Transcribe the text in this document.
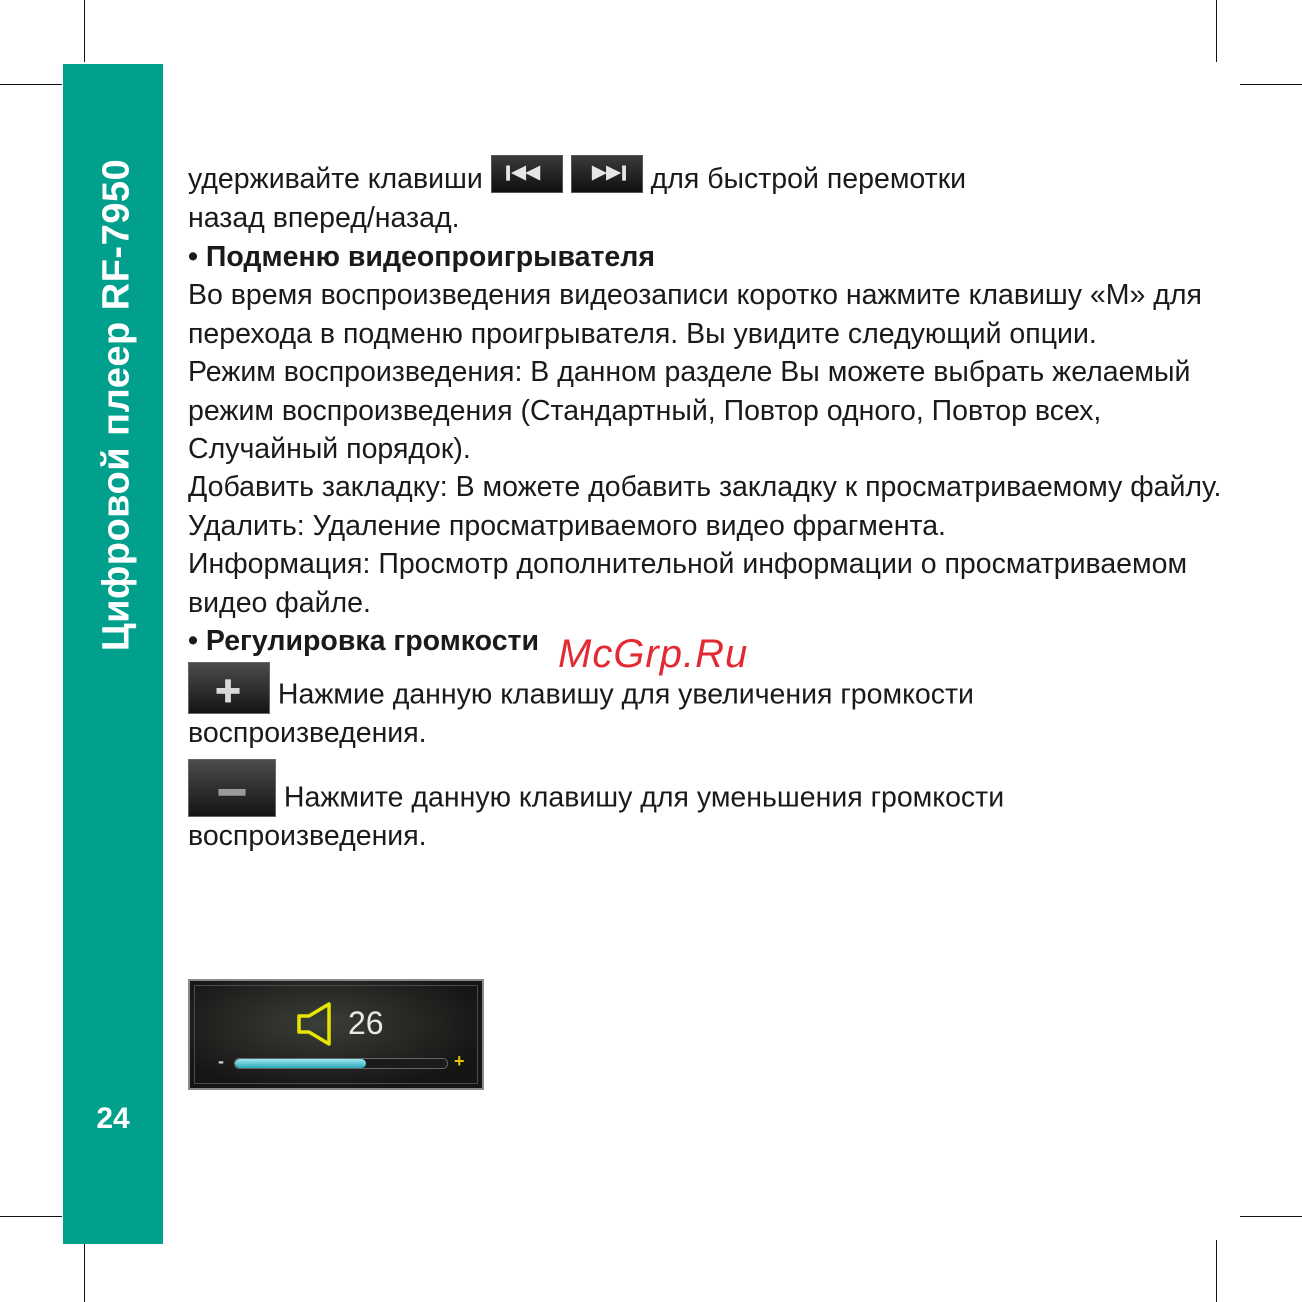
Цифровой плеер RF-7950
24

удерживайте клавиши
	для быстрой перемотки

назад вперед/назад.

• Подменю видеопроигрывателя

Во время воспроизведения видеозаписи коротко нажмите клавишу «M» для перехода в подменю проигрывателя. Вы увидите следующий опции.

Режим воспроизведения: В данном разделе Вы можете выбрать желаемый режим воспроизведения (Стандартный, Повтор одного, Повтор всех, Случайный порядок).

Добавить закладку: В можете добавить закладку к просматриваемому файлу.

Удалить: Удаление просматриваемого видео фрагмента.

Информация: Просмотр дополнительной информации о просматриваемом видео файле.

• Регулировка громкости

Нажмие данную клавишу для увеличения громкости

воспроизведения.

Нажмите данную клавишу для уменьшения громкости

воспроизведения.

McGrp.Ru
26
-	+
